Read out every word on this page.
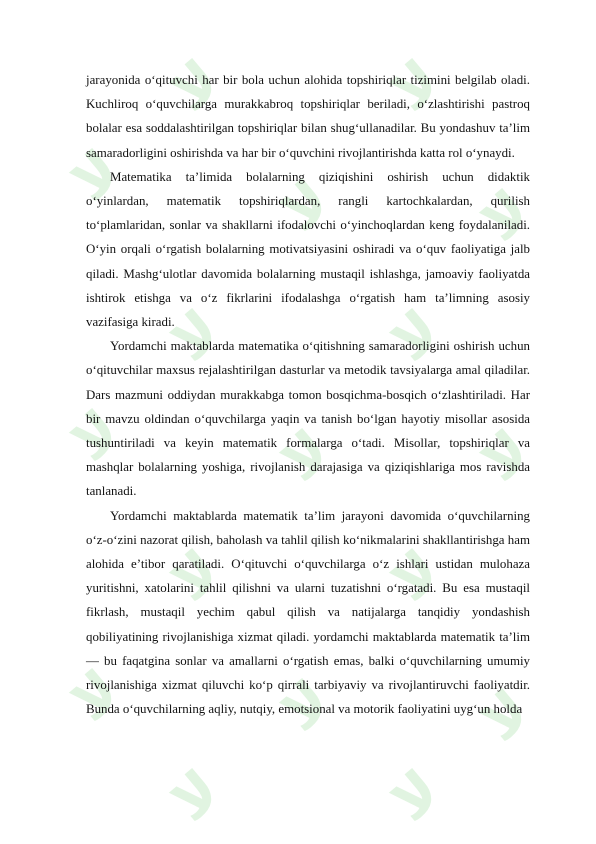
ﻻ	ﻻ
ﻻ ﻻ ﻻ
ﻻ	ﻻ
ﻻ ﻻ ﻻ
ﻻ	ﻻ
ﻻ ﻻ ﻻ
ﻻ	ﻻ

jarayonida o‘qituvchi har bir bola uchun alohida topshiriqlar tizimini belgilab oladi. Kuchliroq o‘quvchilarga murakkabroq topshiriqlar beriladi, o‘zlashtirishi pastroq bolalar esa soddalashtirilgan topshiriqlar bilan shug‘ullanadilar. Bu yondashuv ta’lim samaradorligini oshirishda va har bir o‘quvchini rivojlantirishda katta rol o‘ynaydi.

Matematika ta’limida bolalarning qiziqishini oshirish uchun didaktik o‘yinlardan, matematik topshiriqlardan, rangli kartochkalardan, qurilish to‘plamlaridan, sonlar va shakllarni ifodalovchi o‘yinchoqlardan keng foydalaniladi. O‘yin orqali o‘rgatish bolalarning motivatsiyasini oshiradi va o‘quv faoliyatiga jalb qiladi. Mashg‘ulotlar davomida bolalarning mustaqil ishlashga, jamoaviy faoliyatda ishtirok etishga va o‘z fikrlarini ifodalashga o‘rgatish ham ta’limning asosiy vazifasiga kiradi.

Yordamchi maktablarda matematika o‘qitishning samaradorligini oshirish uchun o‘qituvchilar maxsus rejalashtirilgan dasturlar va metodik tavsiyalarga amal qiladilar. Dars mazmuni oddiydan murakkabga tomon bosqichma-bosqich o‘zlashtiriladi. Har bir mavzu oldindan o‘quvchilarga yaqin va tanish bo‘lgan hayotiy misollar asosida tushuntiriladi va keyin matematik formalarga o‘tadi. Misollar, topshiriqlar va mashqlar bolalarning yoshiga, rivojlanish darajasiga va qiziqishlariga mos ravishda tanlanadi.

Yordamchi maktablarda matematik ta’lim jarayoni davomida o‘quvchilarning o‘z-o‘zini nazorat qilish, baholash va tahlil qilish ko‘nikmalarini shakllantirishga ham alohida e’tibor qaratiladi. O‘qituvchi o‘quvchilarga o‘z ishlari ustidan mulohaza yuritishni, xatolarini tahlil qilishni va ularni tuzatishni o‘rgatadi. Bu esa mustaqil fikrlash, mustaqil yechim qabul qilish va natijalarga tanqidiy yondashish qobiliyatining rivojlanishiga xizmat qiladi. yordamchi maktablarda matematik ta’lim — bu faqatgina sonlar va amallarni o‘rgatish emas, balki o‘quvchilarning umumiy rivojlanishiga xizmat qiluvchi ko‘p qirrali tarbiyaviy va rivojlantiruvchi faoliyatdir. Bunda o‘quvchilarning aqliy, nutqiy, emotsional va motorik faoliyatini uyg‘un holda
